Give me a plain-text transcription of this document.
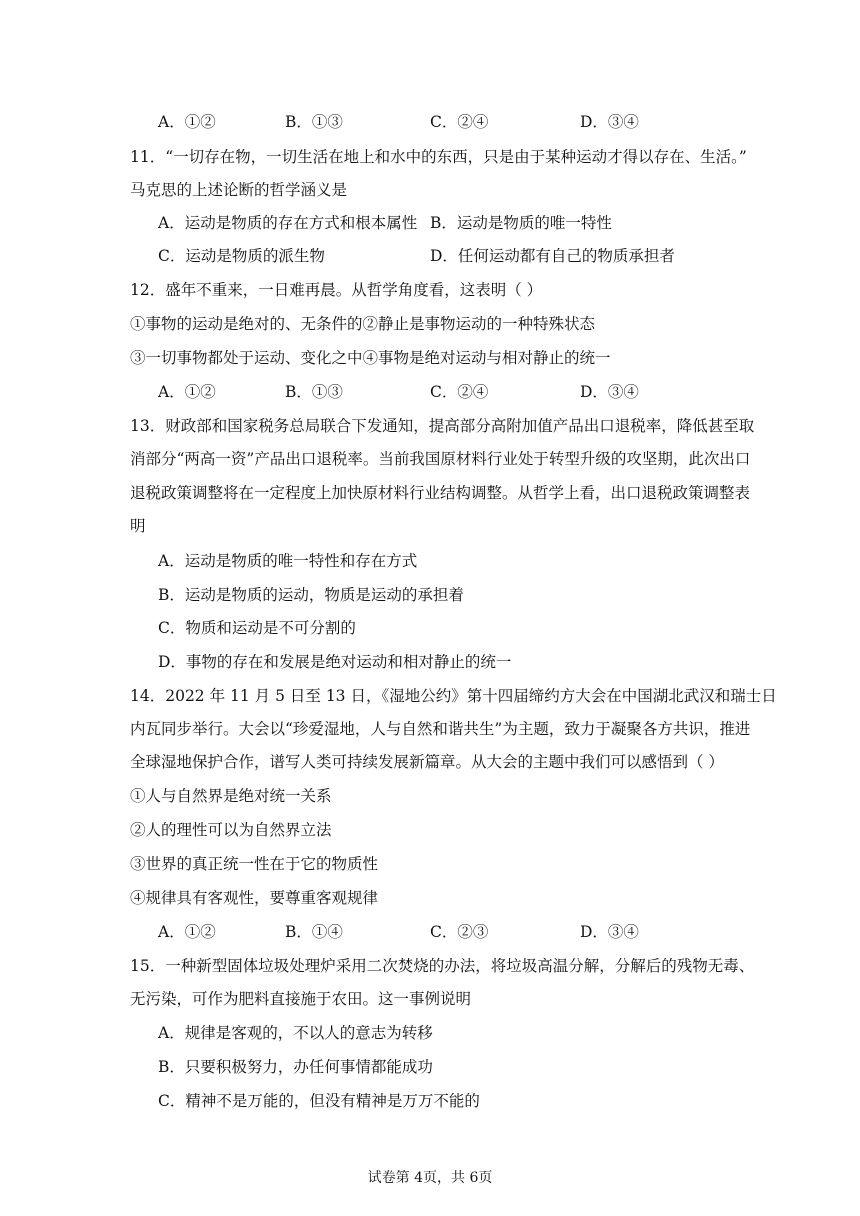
A．①②	B．①③	C．②④	D．③④
11．“一切存在物，一切生活在地上和水中的东西，只是由于某种运动才得以存在、生活。”
马克思的上述论断的哲学涵义是
A．运动是物质的存在方式和根本属性 B．运动是物质的唯一特性
C．运动是物质的派生物	D．任何运动都有自己的物质承担者
12．盛年不重来，一日难再晨。从哲学角度看，这表明（ ）
①事物的运动是绝对的、无条件的②静止是事物运动的一种特殊状态
③一切事物都处于运动、变化之中④事物是绝对运动与相对静止的统一
A．①②	B．①③	C．②④	D．③④
13．财政部和国家税务总局联合下发通知，提高部分高附加值产品出口退税率，降低甚至取
消部分“两高一资”产品出口退税率。当前我国原材料行业处于转型升级的攻坚期，此次出口
退税政策调整将在一定程度上加快原材料行业结构调整。从哲学上看，出口退税政策调整表
明
A．运动是物质的唯一特性和存在方式
B．运动是物质的运动，物质是运动的承担着
C．物质和运动是不可分割的
D．事物的存在和发展是绝对运动和相对静止的统一
14．2022 年 11 月 5 日至 13 日，《湿地公约》第十四届缔约方大会在中国湖北武汉和瑞士日
内瓦同步举行。大会以“珍爱湿地，人与自然和谐共生”为主题，致力于凝聚各方共识，推进
全球湿地保护合作，谱写人类可持续发展新篇章。从大会的主题中我们可以感悟到（ ）
①人与自然界是绝对统一关系
②人的理性可以为自然界立法
③世界的真正统一性在于它的物质性
④规律具有客观性，要尊重客观规律
A．①②	B．①④	C．②③	D．③④
15．一种新型固体垃圾处理炉采用二次焚烧的办法，将垃圾高温分解，分解后的残物无毒、
无污染，可作为肥料直接施于农田。这一事例说明
A．规律是客观的，不以人的意志为转移
B．只要积极努力，办任何事情都能成功
C．精神不是万能的，但没有精神是万万不能的
试卷第 4页，共 6页
